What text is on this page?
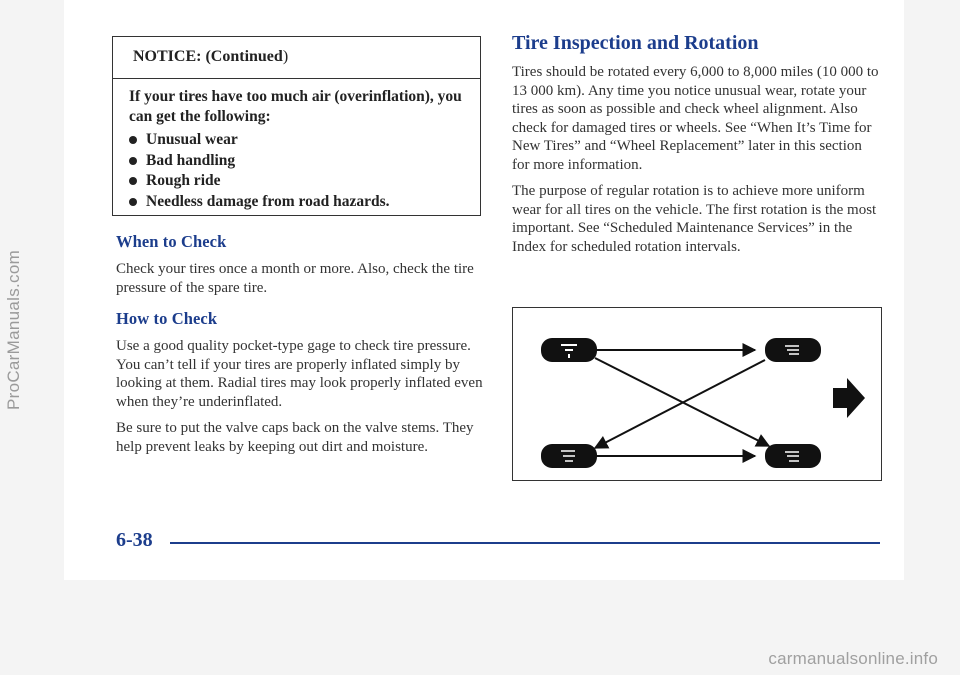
ProCarManuals.com
NOTICE: (Continued)
If your tires have too much air (overinflation), you can get the following:
Unusual wear
Bad handling
Rough ride
Needless damage from road hazards.
When to Check

Check your tires once a month or more. Also, check the tire pressure of the spare tire.

How to Check

Use a good quality pocket-type gage to check tire pressure. You can’t tell if your tires are properly inflated simply by looking at them. Radial tires may look properly inflated even when they’re underinflated.

Be sure to put the valve caps back on the valve stems. They help prevent leaks by keeping out dirt and moisture.

Tire Inspection and Rotation

Tires should be rotated every 6,000 to 8,000 miles (10 000 to 13 000 km). Any time you notice unusual wear, rotate your tires as soon as possible and check wheel alignment. Also check for damaged tires or wheels. See “When It’s Time for New Tires” and “Wheel Replacement” later in this section for more information.

The purpose of regular rotation is to achieve more uniform wear for all tires on the vehicle. The first rotation is the most important. See “Scheduled Maintenance Services” in the Index for scheduled rotation intervals.

6-38
carmanualsonline.info
